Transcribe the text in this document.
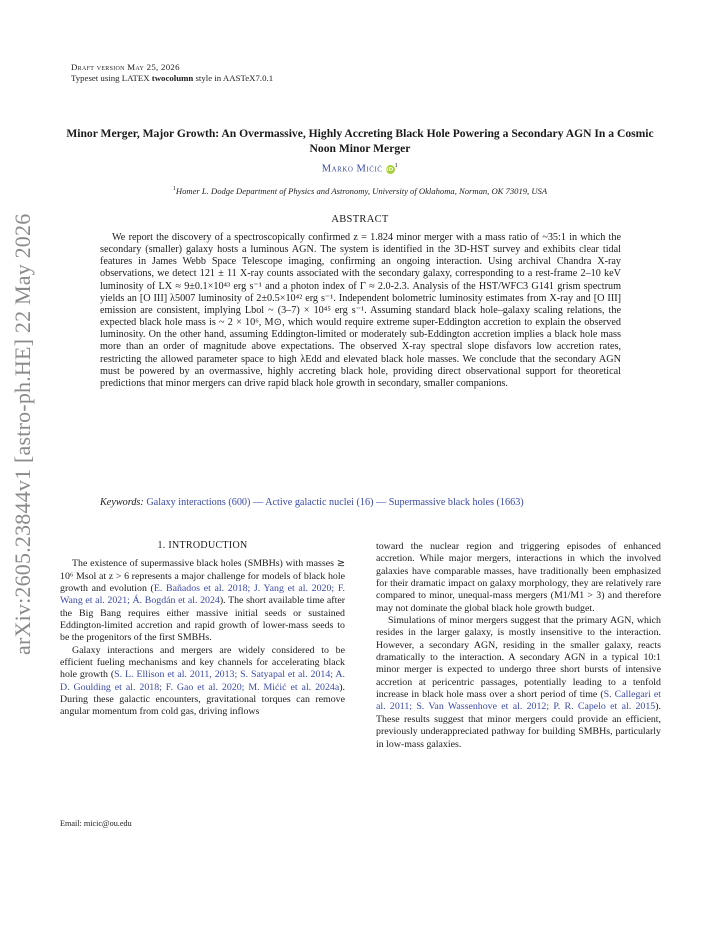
arXiv:2605.23844v1 [astro-ph.HE] 22 May 2026
Draft version May 25, 2026
Typeset using LATEX twocolumn style in AASTeX7.0.1
Minor Merger, Major Growth: An Overmassive, Highly Accreting Black Hole Powering a Secondary AGN In a Cosmic Noon Minor Merger
Marko Mićić $iD^1$
$^1$Homer L. Dodge Department of Physics and Astronomy, University of Oklahoma, Norman, OK 73019, USA
ABSTRACT
We report the discovery of a spectroscopically confirmed z = 1.824 minor merger with a mass ratio of ~35:1 in which the secondary (smaller) galaxy hosts a luminous AGN. The system is identified in the 3D-HST survey and exhibits clear tidal features in James Webb Space Telescope imaging, confirming an ongoing interaction. Using archival Chandra X-ray observations, we detect 121 ± 11 X-ray counts associated with the secondary galaxy, corresponding to a rest-frame 2–10 keV luminosity of LX ≈ 9±0.1×10⁴³ erg s⁻¹ and a photon index of Γ ≈ 2.0-2.3. Analysis of the HST/WFC3 G141 grism spectrum yields an [O III] λ5007 luminosity of 2±0.5×10⁴² erg s⁻¹. Independent bolometric luminosity estimates from X-ray and [O III] emission are consistent, implying Lbol ~ (3–7) × 10⁴⁵ erg s⁻¹. Assuming standard black hole–galaxy scaling relations, the expected black hole mass is ~ 2 × 10⁶, M⊙, which would require extreme super-Eddington accretion to explain the observed luminosity. On the other hand, assuming Eddington-limited or moderately sub-Eddington accretion implies a black hole mass more than an order of magnitude above expectations. The observed X-ray spectral slope disfavors low accretion rates, restricting the allowed parameter space to high λEdd and elevated black hole masses. We conclude that the secondary AGN must be powered by an overmassive, highly accreting black hole, providing direct observational support for theoretical predictions that minor mergers can drive rapid black hole growth in secondary, smaller companions.
Keywords: Galaxy interactions (600) — Active galactic nuclei (16) — Supermassive black holes (1663)
1. INTRODUCTION

The existence of supermassive black holes (SMBHs) with masses ≳ 10⁶ Msol at z > 6 represents a major challenge for models of black hole growth and evolution (E. Bañados et al. 2018; J. Yang et al. 2020; F. Wang et al. 2021; Á. Bogdán et al. 2024). The short available time after the Big Bang requires either massive initial seeds or sustained Eddington-limited accretion and rapid growth of lower-mass seeds to be the progenitors of the first SMBHs.

Galaxy interactions and mergers are widely considered to be efficient fueling mechanisms and key channels for accelerating black hole growth (S. L. Ellison et al. 2011, 2013; S. Satyapal et al. 2014; A. D. Goulding et al. 2018; F. Gao et al. 2020; M. Mićić et al. 2024a). During these galactic encounters, gravitational torques can remove angular momentum from cold gas, driving inflows

toward the nuclear region and triggering episodes of enhanced accretion. While major mergers, interactions in which the involved galaxies have comparable masses, have traditionally been emphasized for their dramatic impact on galaxy morphology, they are relatively rare compared to minor, unequal-mass mergers (M1/M1 > 3) and therefore may not dominate the global black hole growth budget.

Simulations of minor mergers suggest that the primary AGN, which resides in the larger galaxy, is mostly insensitive to the interaction. However, a secondary AGN, residing in the smaller galaxy, reacts dramatically to the interaction. A secondary AGN in a typical 10:1 minor merger is expected to undergo three short bursts of intensive accretion at pericentric passages, potentially leading to a tenfold increase in black hole mass over a short period of time (S. Callegari et al. 2011; S. Van Wassenhove et al. 2012; P. R. Capelo et al. 2015). These results suggest that minor mergers could provide an efficient, previously underappreciated pathway for building SMBHs, particularly in low-mass galaxies.

Email: micic@ou.edu
